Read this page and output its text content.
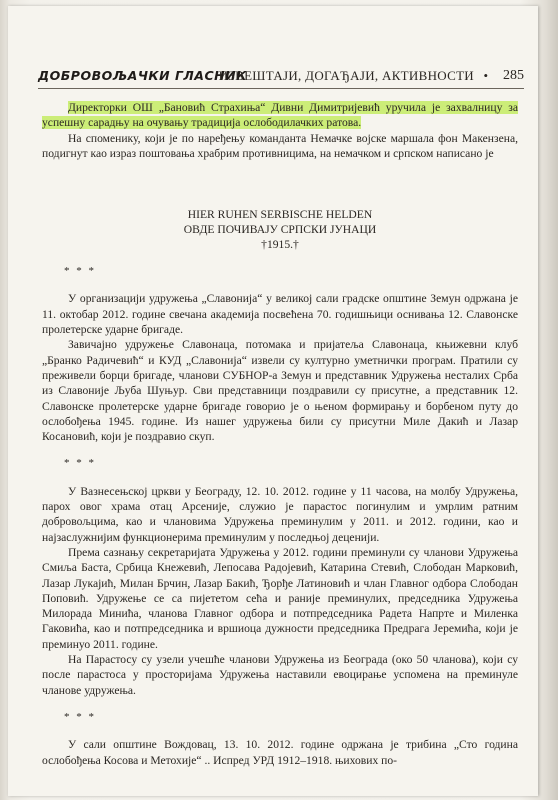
ДОБРОВОЉАЧКИ ГЛАСНИК
ИЗВЕШТАЈИ, ДОГАЂАЈИ, АКТИВНОСТИ • 285

Директорки ОШ „Бановић Страхиња“ Дивни Димитријевић уручила је захвалницу за успешну сарадњу на очувању традиција ослободилачких ратова.

На споменику, који је по наређењу команданта Немачке војске маршала фон Макензена, подигнут као израз поштовања храбрим противницима, на немачком и српском написано је

HIER RUHEN SERBISCHE HELDEN

ОВДЕ ПОЧИВАЈУ СРПСКИ ЈУНАЦИ

†1915.†

* * *

У организацији удружења „Славонија“ у великој сали градске општине Земун одржана је 11. октобар 2012. године свечана академија посвећена 70. годишњици оснивања 12. Славонске пролетерске ударне бригаде.

Завичајно удружење Славонаца, потомака и пријатеља Славонаца, књижевни клуб „Бранко Радичевић“ и КУД „Славонија“ извели су културно уметнички програм. Пратили су преживели борци бригаде, чланови СУБНОР-а Земун и представник Удружења несталих Срба из Славоније Љуба Шуњур. Сви представници поздравили су присутне, а представник 12. Славонске пролетерске ударне бригаде говорио је о њеном формирању и борбеном путу до ослобођења 1945. године. Из нашег удружења били су присутни Миле Дакић и Лазар Косановић, који је поздравио скуп.

* * *

У Вазнесењској цркви у Београду, 12. 10. 2012. године у 11 часова, на молбу Удружења, парох овог храма отац Арсеније, служио је парастос погинулим и умрлим ратним добровољцима, као и члановима Удружења преминулим у 2011. и 2012. години, као и најзаслужнијим функционерима преминулим у последњој деценији.

Према сазнању секретаријата Удружења у 2012. години преминули су чланови Удружења Смиља Баста, Србица Кнежевић, Лепосава Радојевић, Катарина Стевић, Слободан Марковић, Лазар Лукајић, Милан Брчин, Лазар Бакић, Ђорђе Латиновић и члан Главног одбора Слободан Поповић. Удружење се са пијететом сећа и раније преминулих, председника Удружења Милорада Минића, чланова Главног одбора и потпредседника Радета Напрте и Миленка Гаковића, као и потпредседника и вршиоца дужности председника Предрага Јеремића, који је преминуо 2011. године.

На Парастосу су узели учешће чланови Удружења из Београда (око 50 чланова), који су после парастоса у просторијама Удружења наставили евоцирање успомена на преминуле чланове удружења.

* * *

У сали општине Вождовац, 13. 10. 2012. године одржана је трибина „Сто година ослобођења Косова и Метохије“ .. Испред УРД 1912–1918. њихових по-
